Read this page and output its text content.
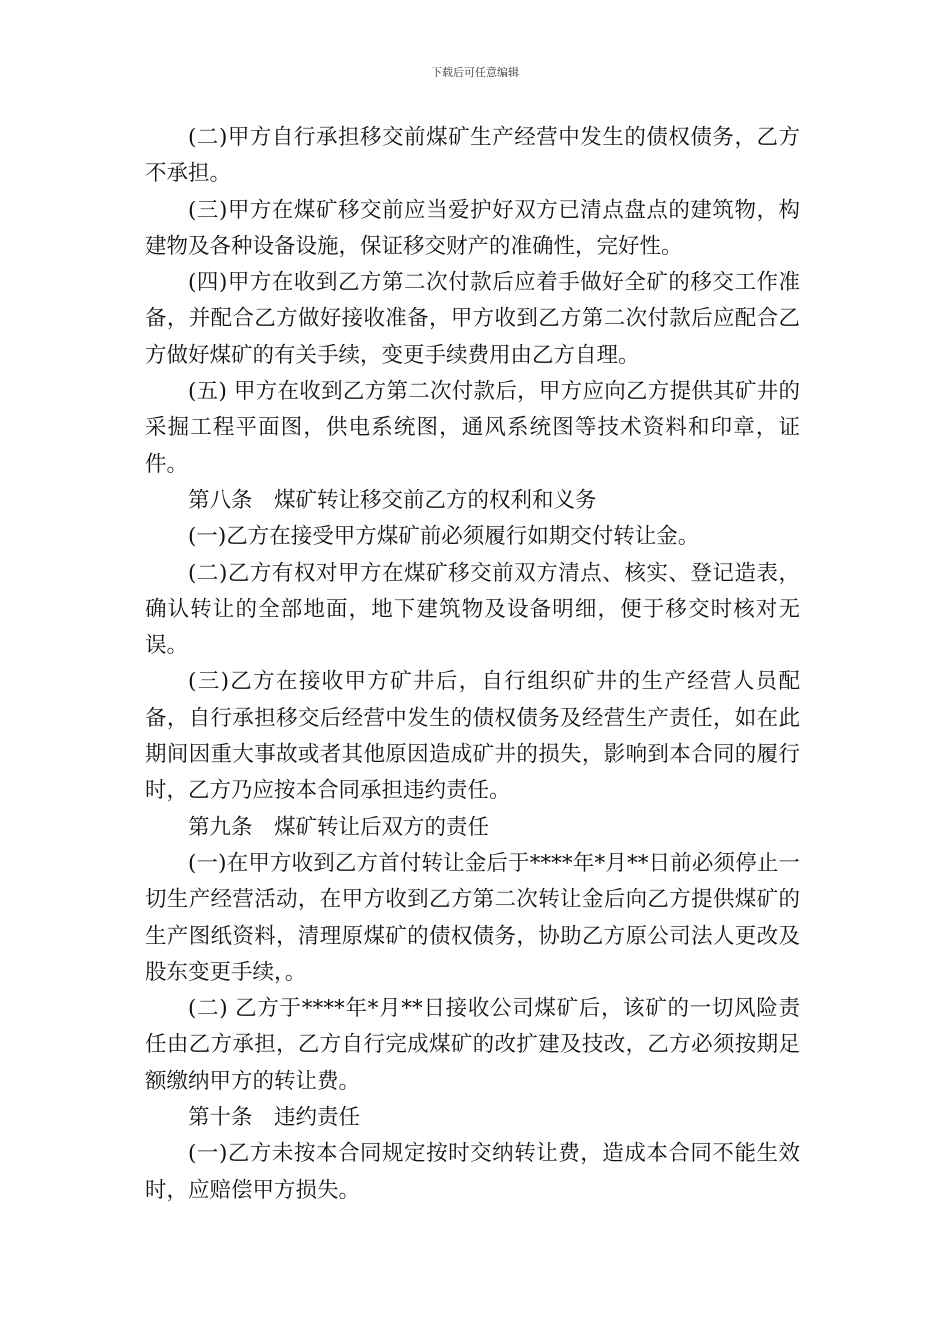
下载后可任意编辑

(二)甲方自行承担移交前煤矿生产经营中发生的债权债务，乙方不承担。

(三)甲方在煤矿移交前应当爱护好双方已清点盘点的建筑物，构建物及各种设备设施，保证移交财产的准确性，完好性。

(四)甲方在收到乙方第二次付款后应着手做好全矿的移交工作准备，并配合乙方做好接收准备，甲方收到乙方第二次付款后应配合乙方做好煤矿的有关手续，变更手续费用由乙方自理。

(五) 甲方在收到乙方第二次付款后，甲方应向乙方提供其矿井的采掘工程平面图，供电系统图，通风系统图等技术资料和印章，证件。

第八条　煤矿转让移交前乙方的权利和义务

(一)乙方在接受甲方煤矿前必须履行如期交付转让金。

(二)乙方有权对甲方在煤矿移交前双方清点、核实、登记造表，确认转让的全部地面，地下建筑物及设备明细，便于移交时核对无误。

(三)乙方在接收甲方矿井后，自行组织矿井的生产经营人员配备，自行承担移交后经营中发生的债权债务及经营生产责任，如在此期间因重大事故或者其他原因造成矿井的损失，影响到本合同的履行时，乙方乃应按本合同承担违约责任。

第九条　煤矿转让后双方的责任

(一)在甲方收到乙方首付转让金后于****年*月**日前必须停止一切生产经营活动，在甲方收到乙方第二次转让金后向乙方提供煤矿的生产图纸资料，清理原煤矿的债权债务，协助乙方原公司法人更改及股东变更手续，。

(二) 乙方于****年*月**日接收公司煤矿后，该矿的一切风险责任由乙方承担，乙方自行完成煤矿的改扩建及技改，乙方必须按期足额缴纳甲方的转让费。

第十条　违约责任

(一)乙方未按本合同规定按时交纳转让费，造成本合同不能生效时，应赔偿甲方损失。
